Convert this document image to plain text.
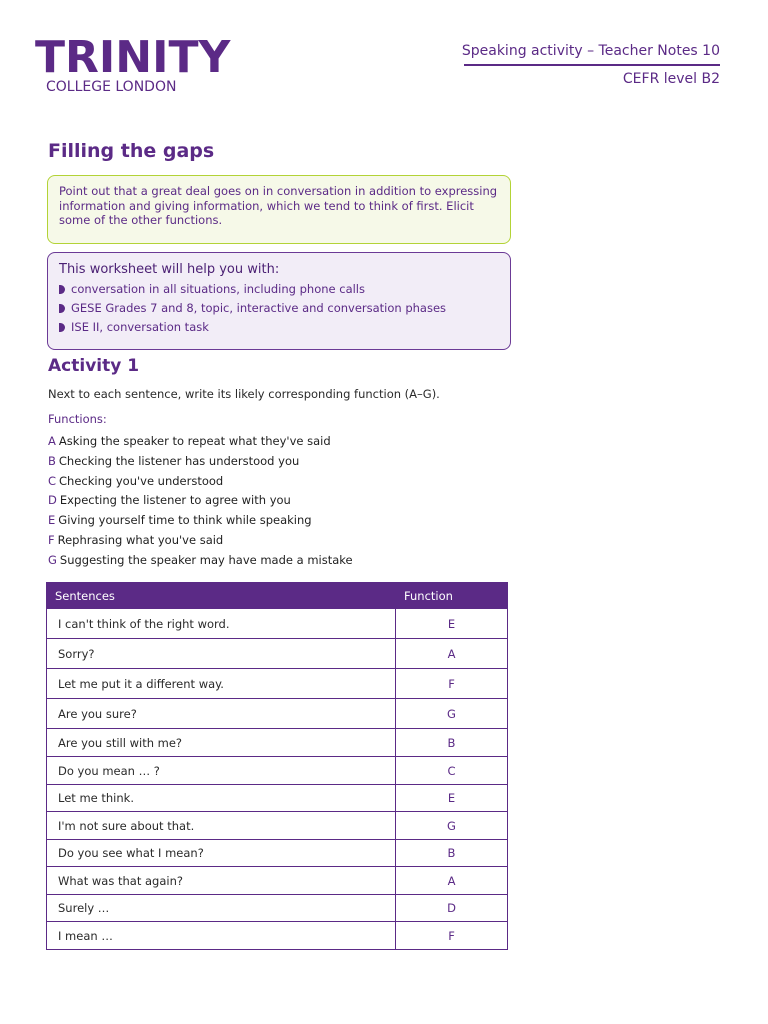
TRINITY
COLLEGE LONDON
Speaking activity – Teacher Notes 10
CEFR level B2
Filling the gaps
Point out that a great deal goes on in conversation in addition to expressing information and giving information, which we tend to think of first. Elicit some of the other functions.
This worksheet will help you with:
conversation in all situations, including phone calls
GESE Grades 7 and 8, topic, interactive and conversation phases
ISE II, conversation task
Activity 1
Next to each sentence, write its likely corresponding function (A–G).
Functions:
A Asking the speaker to repeat what they've said
B Checking the listener has understood you
C Checking you've understood
D Expecting the listener to agree with you
E Giving yourself time to think while speaking
F Rephrasing what you've said
G Suggesting the speaker may have made a mistake
Sentences	Function
I can't think of the right word.	E
Sorry?	A
Let me put it a different way.	F
Are you sure?	G
Are you still with me?	B
Do you mean … ?	C
Let me think.	E
I'm not sure about that.	G
Do you see what I mean?	B
What was that again?	A
Surely …	D
I mean …	F
